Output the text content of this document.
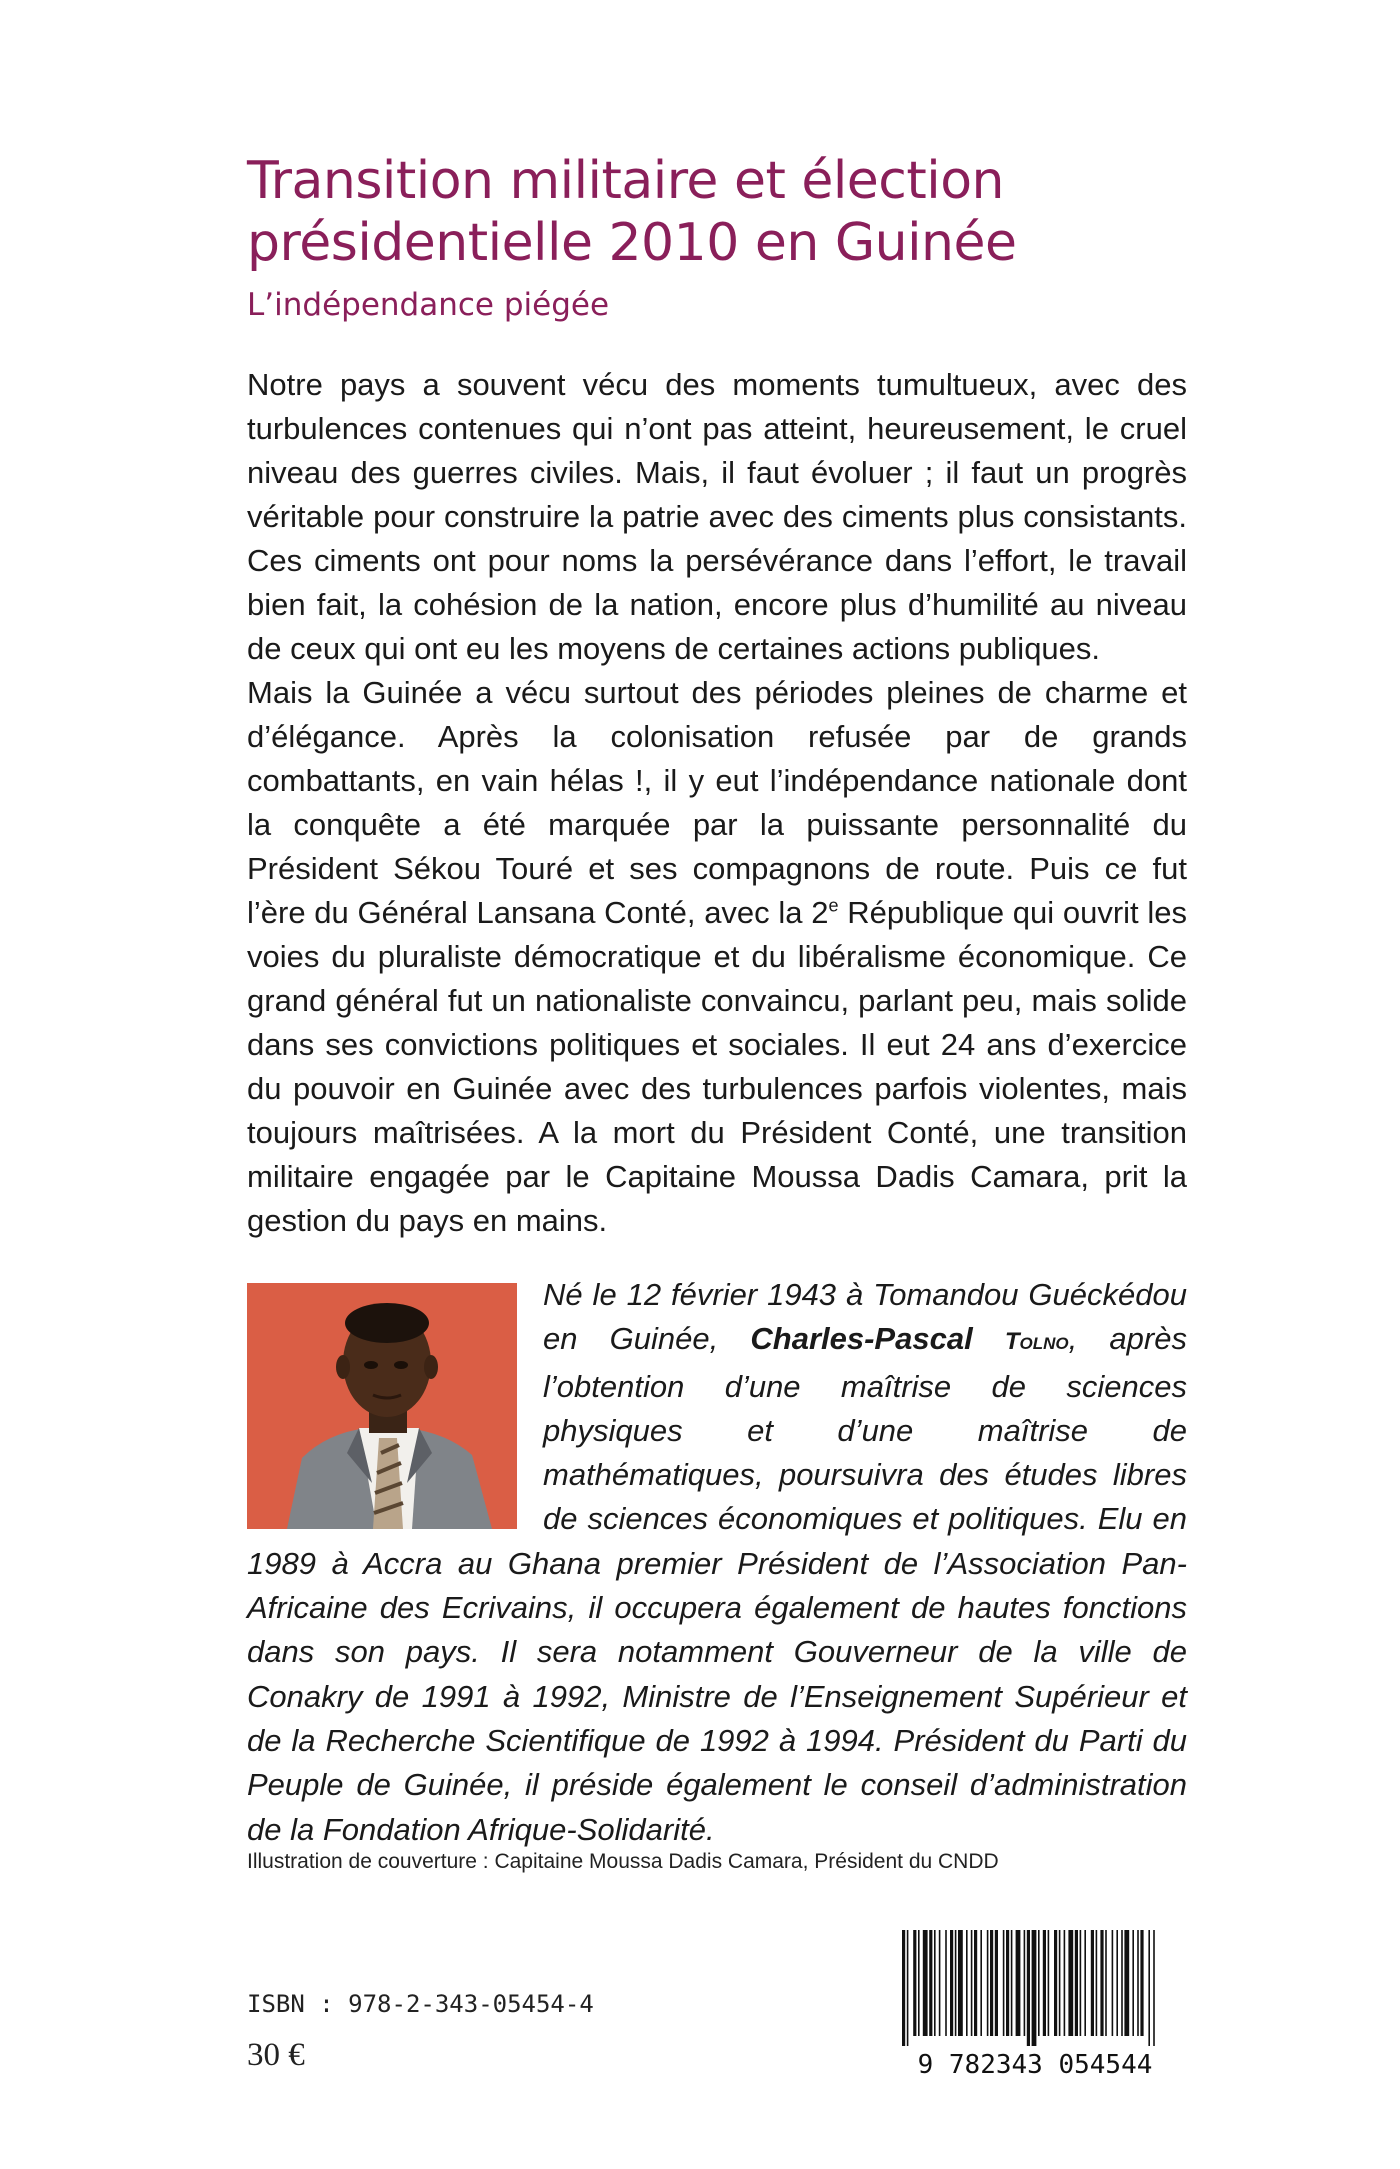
Transition militaire et élection
présidentielle 2010 en Guinée
L’indépendance piégée

Notre pays a souvent vécu des moments tumultueux, avec des turbulences contenues qui n’ont pas atteint, heureusement, le cruel niveau des guerres civiles. Mais, il faut évoluer ; il faut un progrès véritable pour construire la patrie avec des ciments plus consistants. Ces ciments ont pour noms la persévérance dans l’effort, le travail bien fait, la cohésion de la nation, encore plus d’humilité au niveau de ceux qui ont eu les moyens de certaines actions publiques.

Mais la Guinée a vécu surtout des périodes pleines de charme et d’élégance. Après la colonisation refusée par de grands combattants, en vain hélas !, il y eut l’indépendance nationale dont la conquête a été marquée par la puissante personnalité du Président Sékou Touré et ses compagnons de route. Puis ce fut l’ère du Général Lansana Conté, avec la 2e République qui ouvrit les voies du pluraliste démocratique et du libéralisme économique. Ce grand général fut un nationaliste convaincu, parlant peu, mais solide dans ses convictions politiques et sociales. Il eut 24 ans d’exercice du pouvoir en Guinée avec des turbulences parfois violentes, mais toujours maîtrisées. A la mort du Président Conté, une transition militaire engagée par le Capitaine Moussa Dadis Camara, prit la gestion du pays en mains.

Né le 12 février 1943 à Tomandou Guéckédou en Guinée, Charles-Pascal Tolno, après l’obtention d’une maîtrise de sciences physiques et d’une maîtrise de mathématiques, poursuivra des études libres de sciences économiques et politiques. Elu en 1989 à Accra au Ghana premier Président de l’Association Pan-Africaine des Ecrivains, il occupera également de hautes fonctions dans son pays. Il sera notamment Gouverneur de la ville de Conakry de 1991 à 1992, Ministre de l’Enseignement Supérieur et de la Recherche Scientifique de 1992 à 1994. Président du Parti du Peuple de Guinée, il préside également le conseil d’administration de la Fondation Afrique-Solidarité.

Illustration de couverture : Capitaine Moussa Dadis Camara, Président du CNDD

ISBN : 978-2-343-05454-4

30 €	9 782343 054544
